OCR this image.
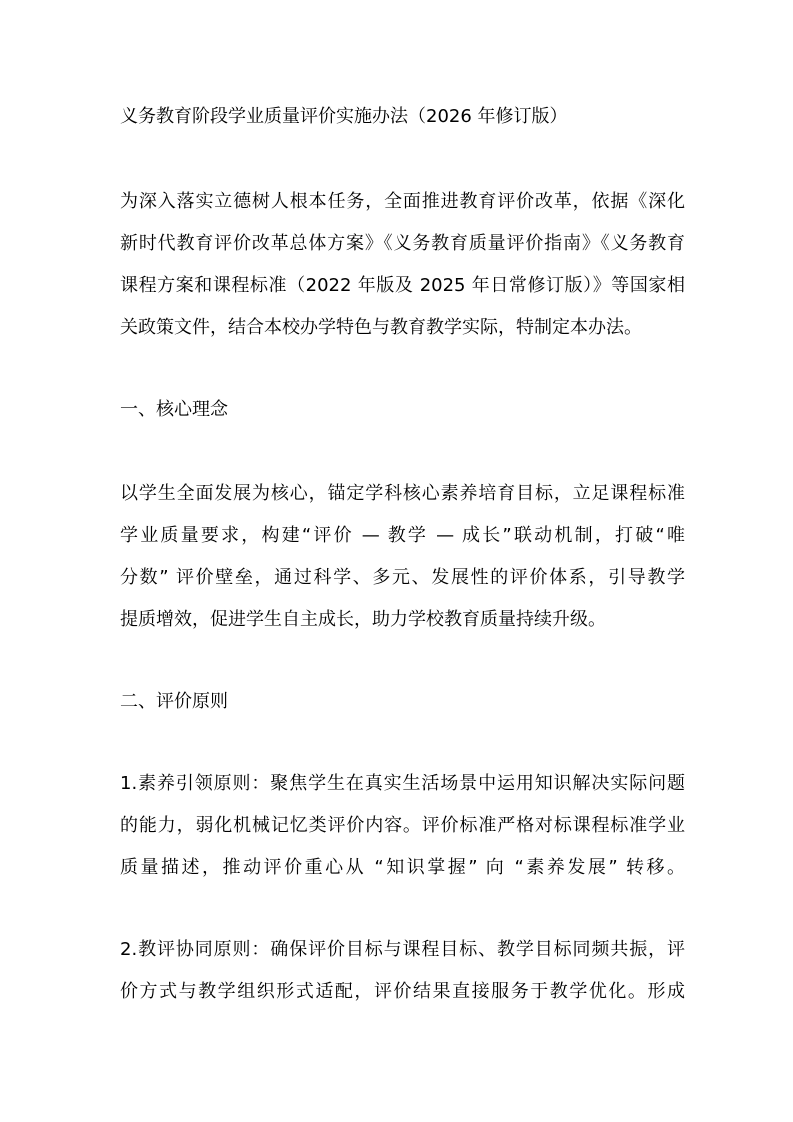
义务教育阶段学业质量评价实施办法（2026 年修订版）
为深入落实立德树人根本任务，全面推进教育评价改革，依据《深化
新时代教育评价改革总体方案》《义务教育质量评价指南》《义务教育
课程方案和课程标准（2022 年版及 2025 年日常修订版）》等国家相
关政策文件，结合本校办学特色与教育教学实际，特制定本办法。
一、核心理念
以学生全面发展为核心，锚定学科核心素养培育目标，立足课程标准
学业质量要求，构建“评价 — 教学 — 成长”联动机制，打破“唯
分数” 评价壁垒，通过科学、多元、发展性的评价体系，引导教学
提质增效，促进学生自主成长，助力学校教育质量持续升级。
二、评价原则
1.素养引领原则：聚焦学生在真实生活场景中运用知识解决实际问题
的能力，弱化机械记忆类评价内容。评价标准严格对标课程标准学业
质量描述，推动评价重心从 “知识掌握” 向 “素养发展” 转移。
2.教评协同原则：确保评价目标与课程目标、教学目标同频共振，评
价方式与教学组织形式适配，评价结果直接服务于教学优化。形成
